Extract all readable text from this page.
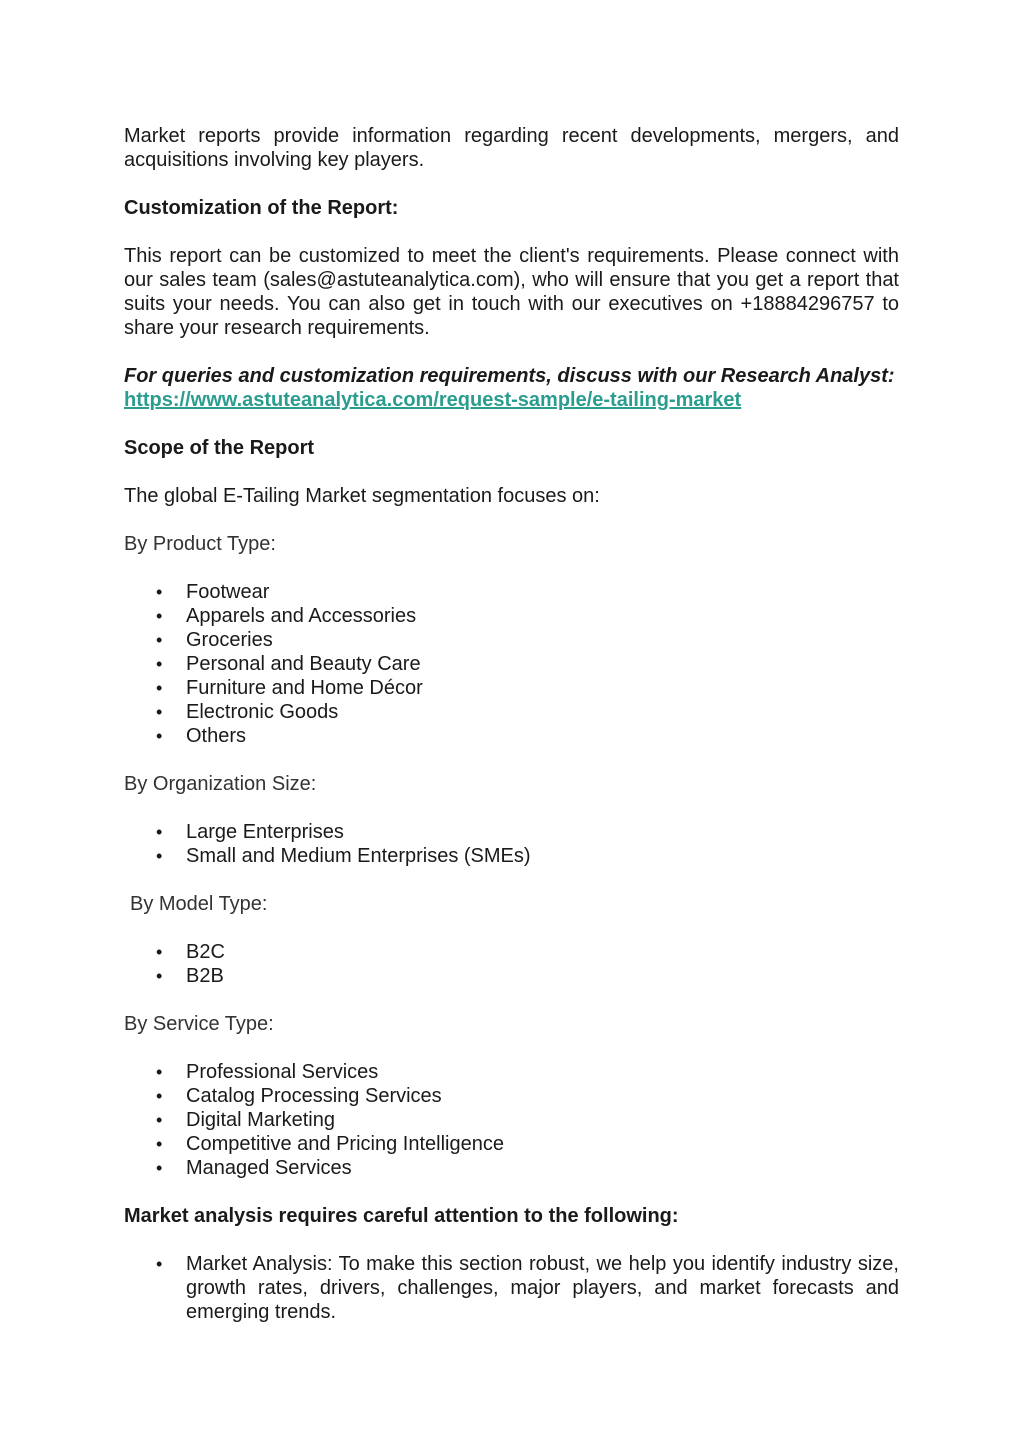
Market reports provide information regarding recent developments, mergers, and acquisitions involving key players.

Customization of the Report:

This report can be customized to meet the client's requirements. Please connect with our sales team (sales@astuteanalytica.com), who will ensure that you get a report that suits your needs. You can also get in touch with our executives on +18884296757 to share your research requirements.

For queries and customization requirements, discuss with our Research Analyst: https://www.astuteanalytica.com/request-sample/e-tailing-market

Scope of the Report

The global E-Tailing Market segmentation focuses on:

By Product Type:

• Footwear
• Apparels and Accessories
• Groceries
• Personal and Beauty Care
• Furniture and Home Décor
• Electronic Goods
• Others

By Organization Size:

• Large Enterprises
• Small and Medium Enterprises (SMEs)

By Model Type:

• B2C
• B2B

By Service Type:

• Professional Services
• Catalog Processing Services
• Digital Marketing
• Competitive and Pricing Intelligence
• Managed Services

Market analysis requires careful attention to the following:

• Market Analysis: To make this section robust, we help you identify industry size, growth rates, drivers, challenges, major players, and market forecasts and emerging trends.
